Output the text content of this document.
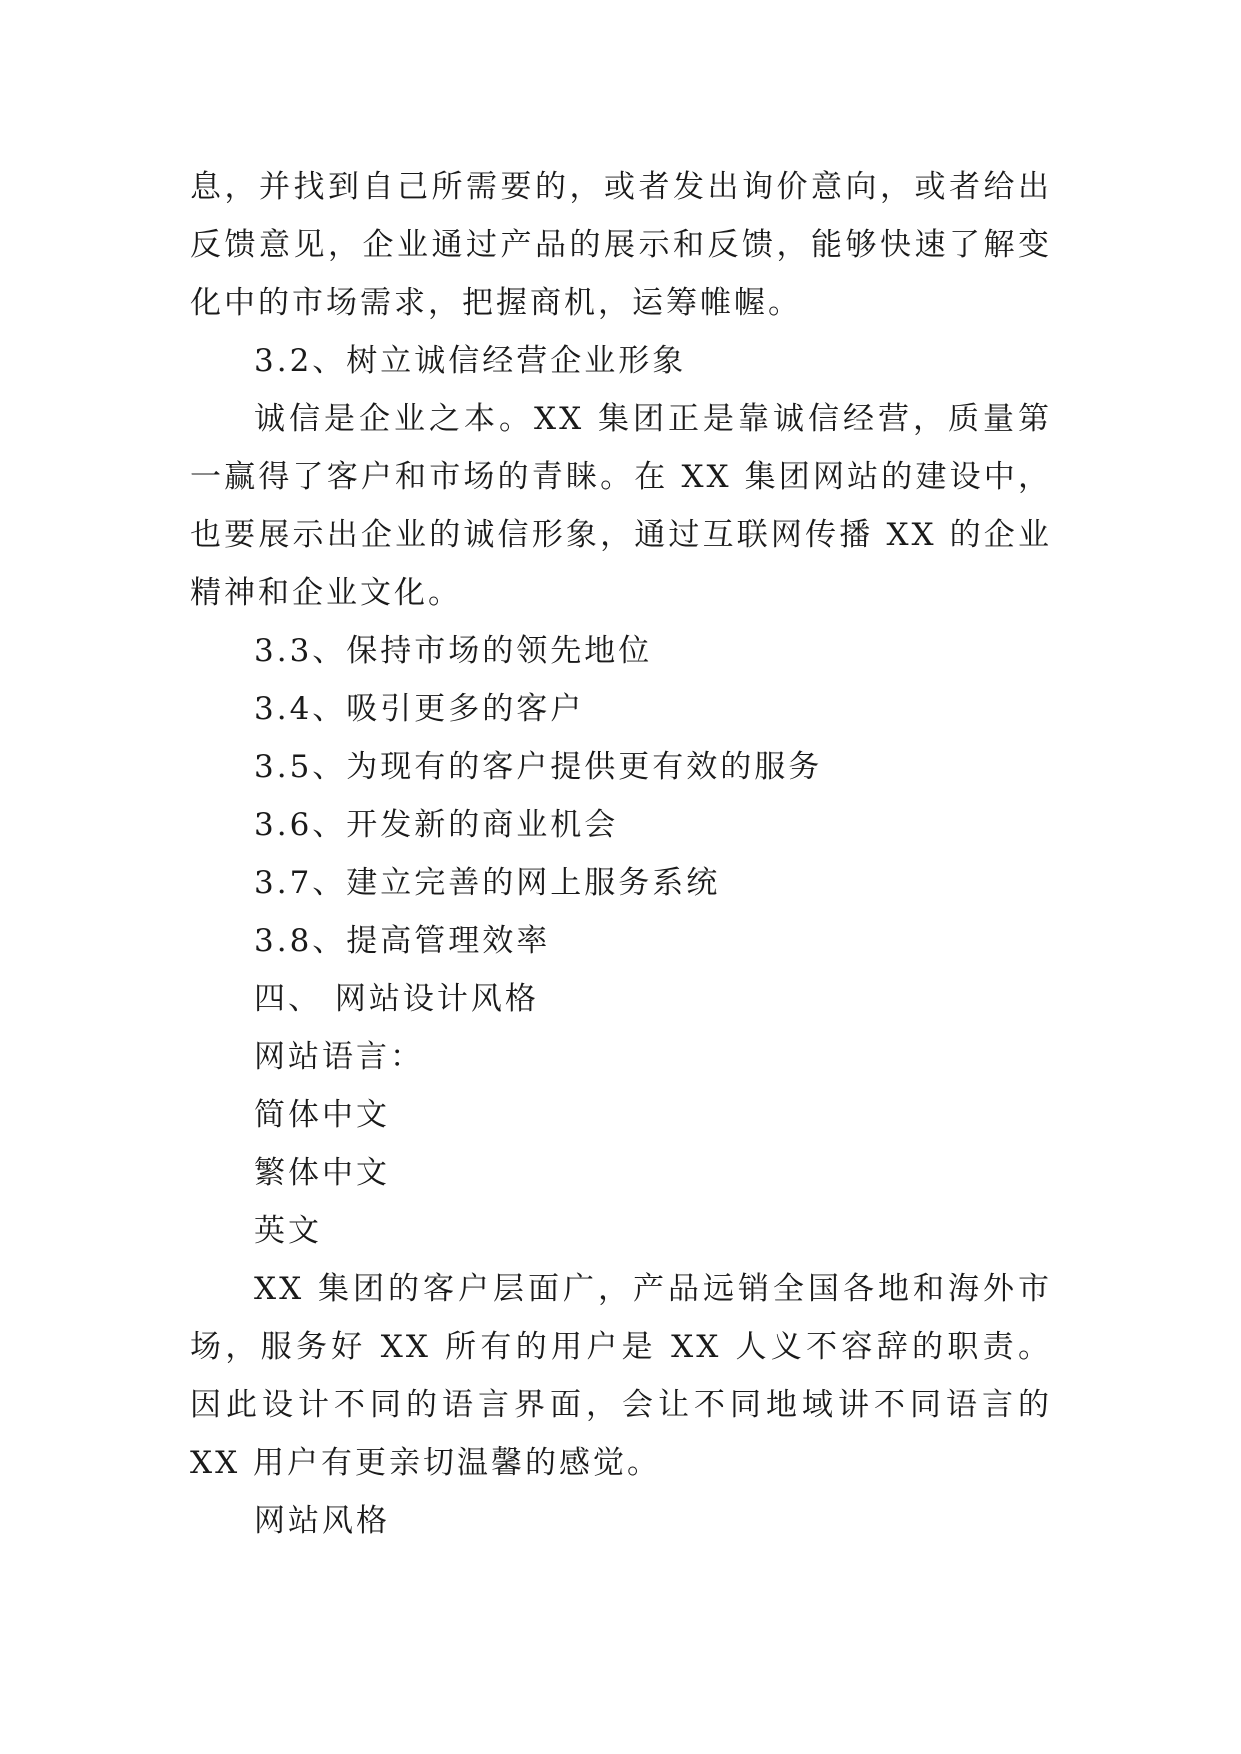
息，并找到自己所需要的，或者发出询价意向，或者给出反馈意见，企业通过产品的展示和反馈，能够快速了解变化中的市场需求，把握商机，运筹帷幄。

3.2、树立诚信经营企业形象

诚信是企业之本。XX 集团正是靠诚信经营，质量第一赢得了客户和市场的青睐。在 XX 集团网站的建设中，也要展示出企业的诚信形象，通过互联网传播 XX 的企业精神和企业文化。

3.3、保持市场的领先地位

3.4、吸引更多的客户

3.5、为现有的客户提供更有效的服务

3.6、开发新的商业机会

3.7、建立完善的网上服务系统

3.8、提高管理效率

四、 网站设计风格

网站语言：

简体中文

繁体中文

英文

XX 集团的客户层面广，产品远销全国各地和海外市场，服务好 XX 所有的用户是 XX 人义不容辞的职责。因此设计不同的语言界面，会让不同地域讲不同语言的 XX 用户有更亲切温馨的感觉。

网站风格
